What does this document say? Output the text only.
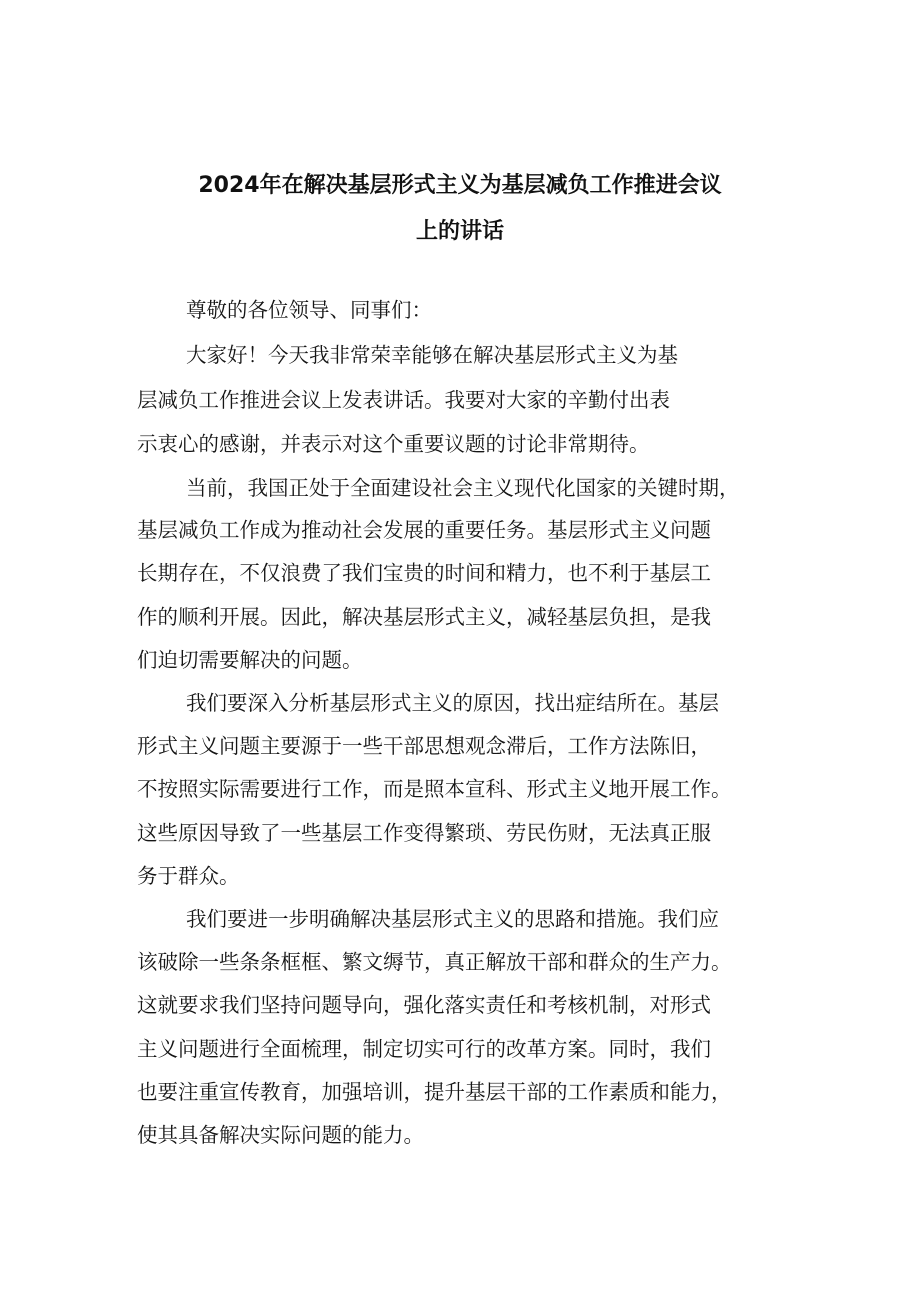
2024年在解决基层形式主义为基层减负工作推进会议
上的讲话
尊敬的各位领导、同事们：
大家好！今天我非常荣幸能够在解决基层形式主义为基
层减负工作推进会议上发表讲话。我要对大家的辛勤付出表
示衷心的感谢，并表示对这个重要议题的讨论非常期待。
当前，我国正处于全面建设社会主义现代化国家的关键时期，
基层减负工作成为推动社会发展的重要任务。基层形式主义问题
长期存在，不仅浪费了我们宝贵的时间和精力，也不利于基层工
作的顺利开展。因此，解决基层形式主义，减轻基层负担，是我
们迫切需要解决的问题。
我们要深入分析基层形式主义的原因，找出症结所在。基层
形式主义问题主要源于一些干部思想观念滞后，工作方法陈旧，
不按照实际需要进行工作，而是照本宣科、形式主义地开展工作。
这些原因导致了一些基层工作变得繁琐、劳民伤财，无法真正服
务于群众。
我们要进一步明确解决基层形式主义的思路和措施。我们应
该破除一些条条框框、繁文缛节，真正解放干部和群众的生产力。
这就要求我们坚持问题导向，强化落实责任和考核机制，对形式
主义问题进行全面梳理，制定切实可行的改革方案。同时，我们
也要注重宣传教育，加强培训，提升基层干部的工作素质和能力，
使其具备解决实际问题的能力。
